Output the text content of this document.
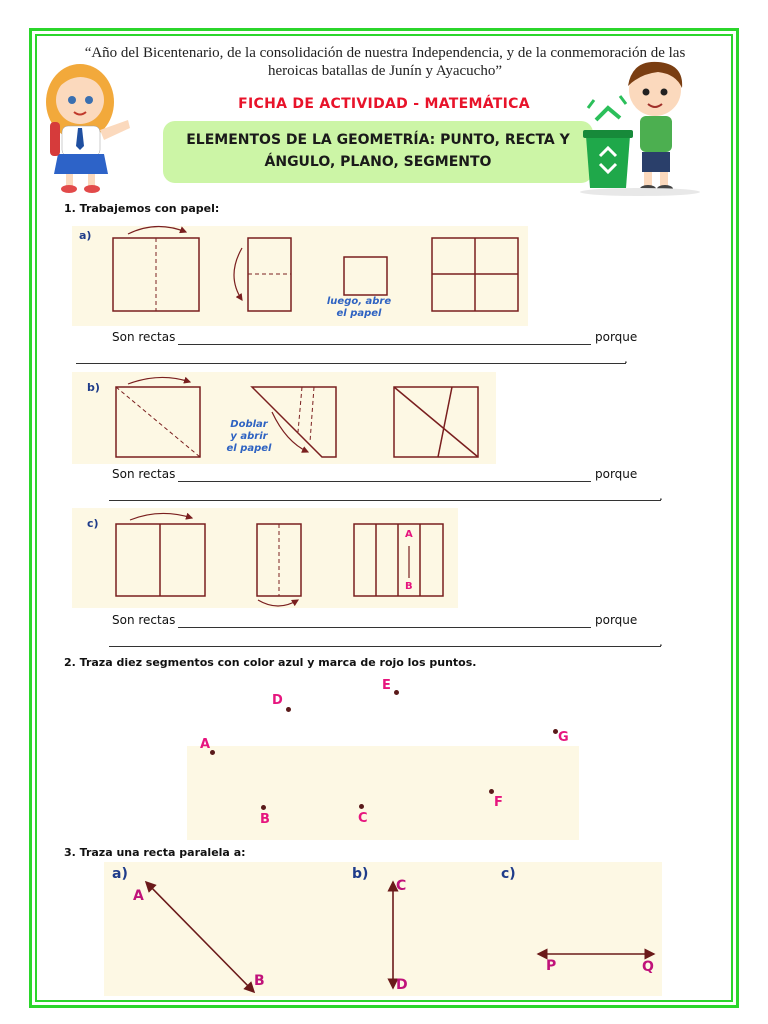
“Año del Bicentenario, de la consolidación de nuestra Independencia, y de la conmemoración de las
heroicas batallas de Junín y Ayacucho”
FICHA DE ACTIVIDAD - MATEMÁTICA
ELEMENTOS DE LA GEOMETRÍA: PUNTO, RECTA Y
ÁNGULO, PLANO, SEGMENTO
1. Trabajemos con papel:
a)
luego, abre
el papel
Son rectas	porque
.
b)
Doblar
y abrir
el papel
Son rectas	porque
.
c)
A
B
Son rectas	porque
.
2. Traza diez segmentos con color azul y marca de rojo los puntos.
D
E
A	G
F
B	C
3. Traza una recta paralela a:
a)	b)	c)
A
B
C
D
P	Q
